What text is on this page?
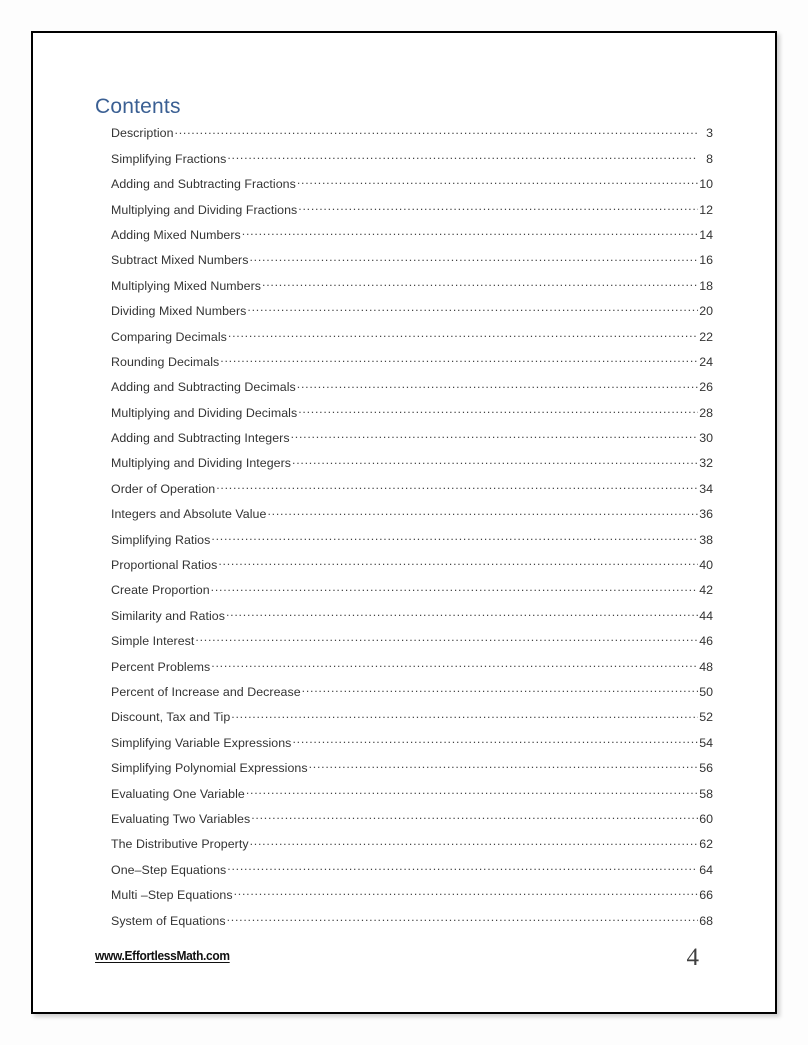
Contents
Description .....	3
Simplifying Fractions .....	8
Adding and Subtracting Fractions .....	10
Multiplying and Dividing Fractions .....	12
Adding Mixed Numbers .....	14
Subtract Mixed Numbers .....	16
Multiplying Mixed Numbers .....	18
Dividing Mixed Numbers .....	20
Comparing Decimals .....	22
Rounding Decimals .....	24
Adding and Subtracting Decimals .....	26
Multiplying and Dividing Decimals .....	28
Adding and Subtracting Integers .....	30
Multiplying and Dividing Integers .....	32
Order of Operation .....	34
Integers and Absolute Value .....	36
Simplifying Ratios .....	38
Proportional Ratios .....	40
Create Proportion .....	42
Similarity and Ratios .....	44
Simple Interest .....	46
Percent Problems .....	48
Percent of Increase and Decrease .....	50
Discount, Tax and Tip .....	52
Simplifying Variable Expressions .....	54
Simplifying Polynomial Expressions .....	56
Evaluating One Variable .....	58
Evaluating Two Variables .....	60
The Distributive Property .....	62
One–Step Equations .....	64
Multi –Step Equations .....	66
System of Equations .....	68
www.EffortlessMath.com	4
